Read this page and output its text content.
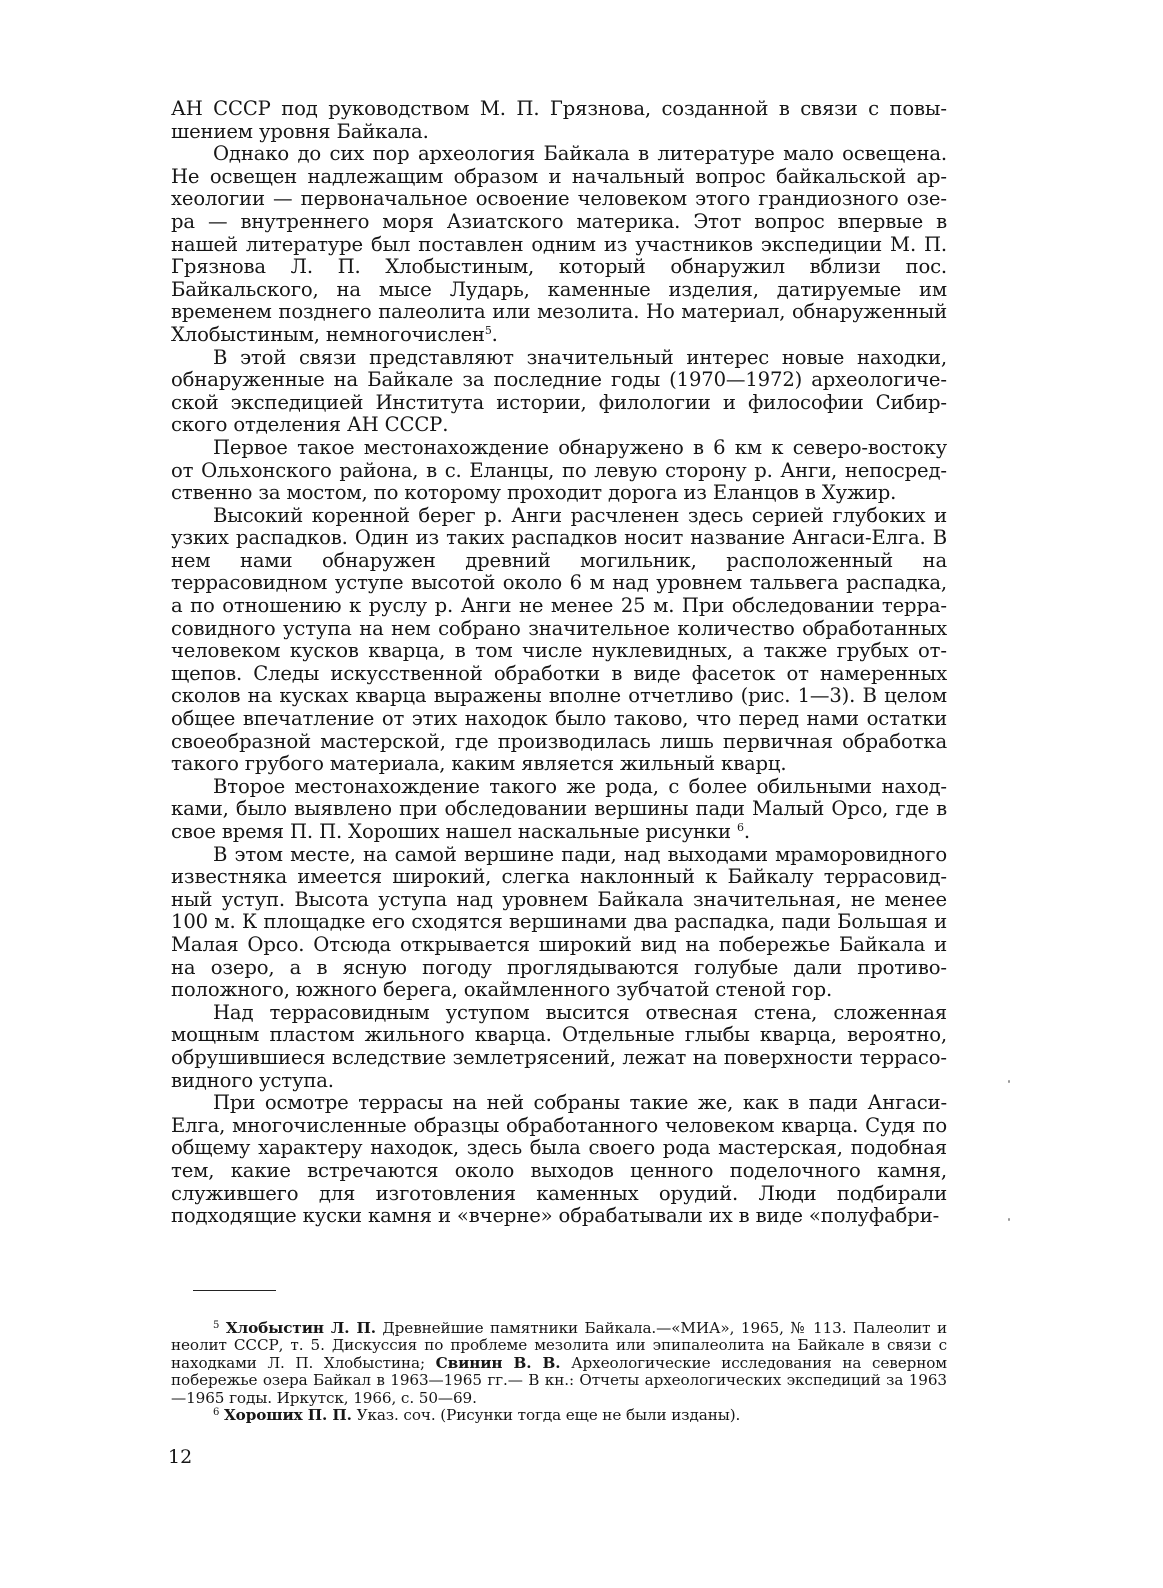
АН СССР под руководством М. П. Грязнова, созданной в связи с повышением уровня Байкала.

Однако до сих пор археология Байкала в литературе мало освещена. Не освещен надлежащим образом и начальный вопрос байкальской археологии — первоначальное освоение человеком этого грандиозного озера — внутреннего моря Азиатского материка. Этот вопрос впервые в нашей литературе был поставлен одним из участников экспедиции М. П. Грязнова Л. П. Хлобыстиным, который обнаружил вблизи пос. Байкальского, на мысе Лударь, каменные изделия, датируемые им временем позднего палеолита или мезолита. Но материал, обнаруженный Хлобыстиным, немногочислен$^5$.

В этой связи представляют значительный интерес новые находки, обнаруженные на Байкале за последние годы (1970—1972) археологической экспедицией Института истории, филологии и философии Сибирского отделения АН СССР.

Первое такое местонахождение обнаружено в 6 км к северо-востоку от Ольхонского района, в с. Еланцы, по левую сторону р. Анги, непосредственно за мостом, по которому проходит дорога из Еланцов в Хужир.

Высокий коренной берег р. Анги расчленен здесь серией глубоких и узких распадков. Один из таких распадков носит название Ангаси-Елга. В нем нами обнаружен древний могильник, расположенный на террасовидном уступе высотой около 6 м над уровнем тальвега распадка, а по отношению к руслу р. Анги не менее 25 м. При обследовании террасовидного уступа на нем собрано значительное количество обработанных человеком кусков кварца, в том числе нуклевидных, а также грубых отщепов. Следы искусственной обработки в виде фасеток от намеренных сколов на кусках кварца выражены вполне отчетливо (рис. 1—3). В целом общее впечатление от этих находок было таково, что перед нами остатки своеобразной мастерской, где производилась лишь первичная обработка такого грубого материала, каким является жильный кварц.

Второе местонахождение такого же рода, с более обильными находками, было выявлено при обследовании вершины пади Малый Орсо, где в свое время П. П. Хороших нашел наскальные рисунки $^6$.

В этом месте, на самой вершине пади, над выходами мраморовидного известняка имеется широкий, слегка наклонный к Байкалу террасовидный уступ. Высота уступа над уровнем Байкала значительная, не менее 100 м. К площадке его сходятся вершинами два распадка, пади Большая и Малая Орсо. Отсюда открывается широкий вид на побережье Байкала и на озеро, а в ясную погоду проглядываются голубые дали противоположного, южного берега, окаймленного зубчатой стеной гор.

Над террасовидным уступом высится отвесная стена, сложенная мощным пластом жильного кварца. Отдельные глыбы кварца, вероятно, обрушившиеся вследствие землетрясений, лежат на поверхности террасовидного уступа.

При осмотре террасы на ней собраны такие же, как в пади Ангаси-Елга, многочисленные образцы обработанного человеком кварца. Судя по общему характеру находок, здесь была своего рода мастерская, подобная тем, какие встречаются около выходов ценного поделочного камня, служившего для изготовления каменных орудий. Люди подбирали подходящие куски камня и «вчерне» обрабатывали их в виде «полуфабри-

$^5$ Хлобыстин Л. П. Древнейшие памятники Байкала.—«МИА», 1965, № 113. Палеолит и неолит СССР, т. 5. Дискуссия по проблеме мезолита или эпипалеолита на Байкале в связи с находками Л. П. Хлобыстина; Свинин В. В. Археологические исследования на северном побережье озера Байкал в 1963—1965 гг.— В кн.: Отчеты археологических экспедиций за 1963—1965 годы. Иркутск, 1966, с. 50—69.

$^6$ Хороших П. П. Указ. соч. (Рисунки тогда еще не были изданы).

12
